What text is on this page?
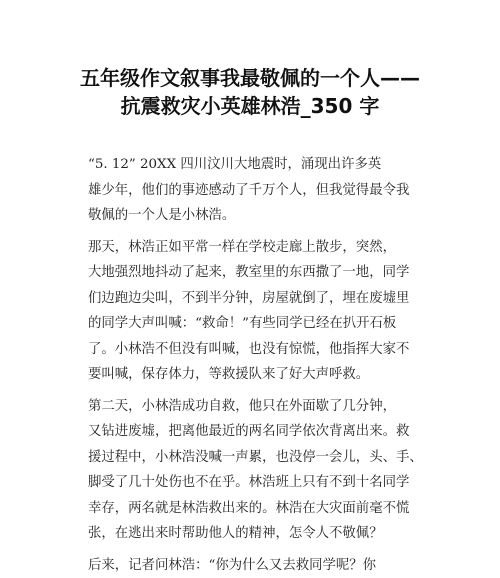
五年级作文叙事我最敬佩的一个人——
抗震救灾小英雄林浩_350 字
“5. 12” 20XX 四川汶川大地震时，涌现出许多英
雄少年，他们的事迹感动了千万个人，但我觉得最令我
敬佩的一个人是小林浩。
那天，林浩正如平常一样在学校走廊上散步，突然，
大地强烈地抖动了起来，教室里的东西撒了一地，同学
们边跑边尖叫，不到半分钟，房屋就倒了，埋在废墟里
的同学大声叫喊：“救命！”有些同学已经在扒开石板
了。小林浩不但没有叫喊，也没有惊慌，他指挥大家不
要叫喊，保存体力，等救援队来了好大声呼救。
第二天，小林浩成功自救，他只在外面歇了几分钟，
又钻进废墟，把离他最近的两名同学依次背离出来。救
援过程中，小林浩没喊一声累，也没停一会儿，头、手、
脚受了几十处伤也不在乎。林浩班上只有不到十名同学
幸存，两名就是林浩救出来的。林浩在大灾面前毫不慌
张，在逃出来时帮助他人的精神，怎令人不敬佩？
后来，记者问林浩：“你为什么又去救同学呢？你
